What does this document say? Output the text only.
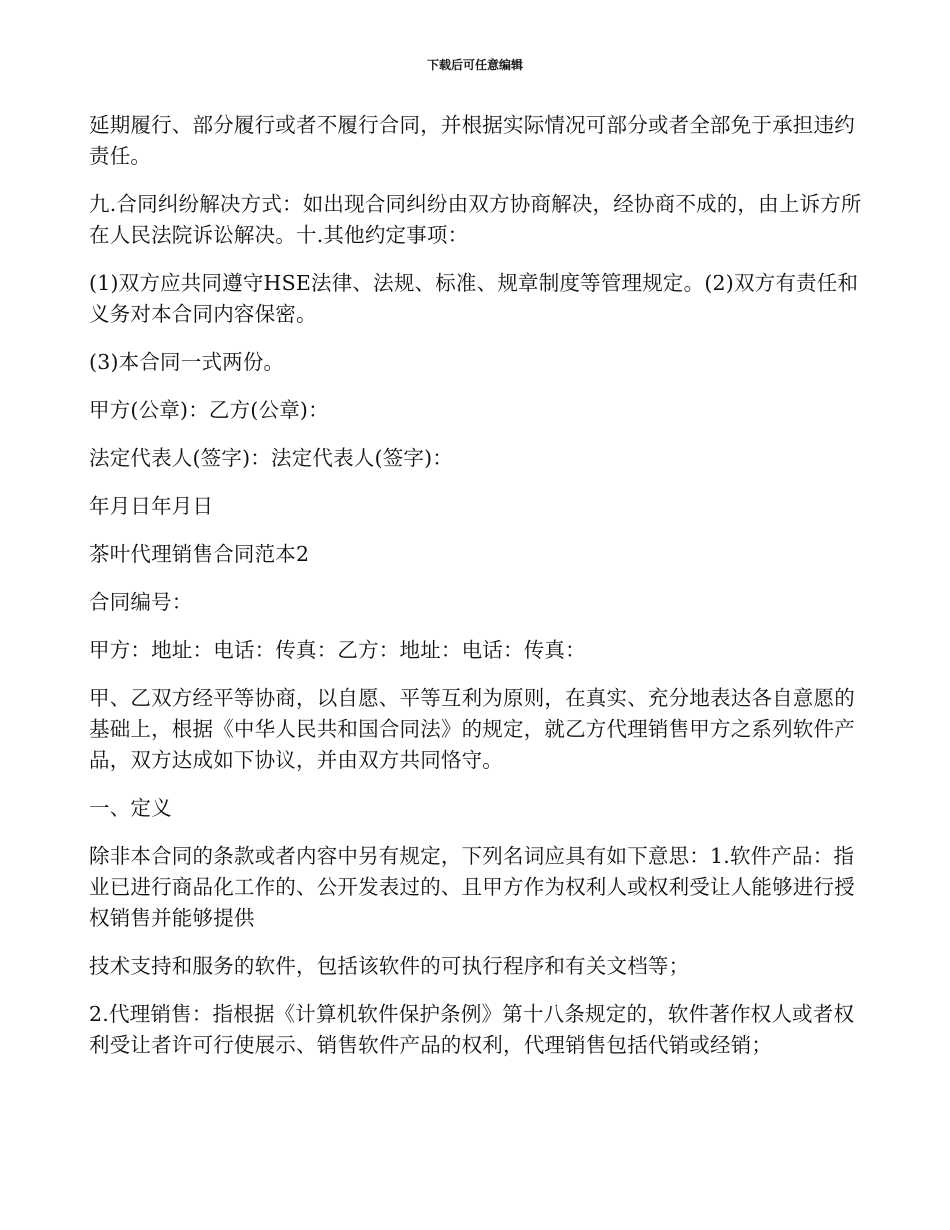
下载后可任意编辑

延期履行、部分履行或者不履行合同，并根据实际情况可部分或者全部免于承担违约责任。

九.合同纠纷解决方式：如出现合同纠纷由双方协商解决，经协商不成的，由上诉方所在人民法院诉讼解决。十.其他约定事项：

(1)双方应共同遵守HSE法律、法规、标准、规章制度等管理规定。(2)双方有责任和义务对本合同内容保密。

(3)本合同一式两份。

甲方(公章)：乙方(公章)：

法定代表人(签字)：法定代表人(签字)：

年月日年月日

茶叶代理销售合同范本2

合同编号：

甲方：地址：电话：传真：乙方：地址：电话：传真：

甲、乙双方经平等协商，以自愿、平等互利为原则，在真实、充分地表达各自意愿的基础上，根据《中华人民共和国合同法》的规定，就乙方代理销售甲方之系列软件产品，双方达成如下协议，并由双方共同恪守。

一、定义

除非本合同的条款或者内容中另有规定，下列名词应具有如下意思：1.软件产品：指业已进行商品化工作的、公开发表过的、且甲方作为权利人或权利受让人能够进行授权销售并能够提供

技术支持和服务的软件，包括该软件的可执行程序和有关文档等；

2.代理销售：指根据《计算机软件保护条例》第十八条规定的，软件著作权人或者权利受让者许可行使展示、销售软件产品的权利，代理销售包括代销或经销；
